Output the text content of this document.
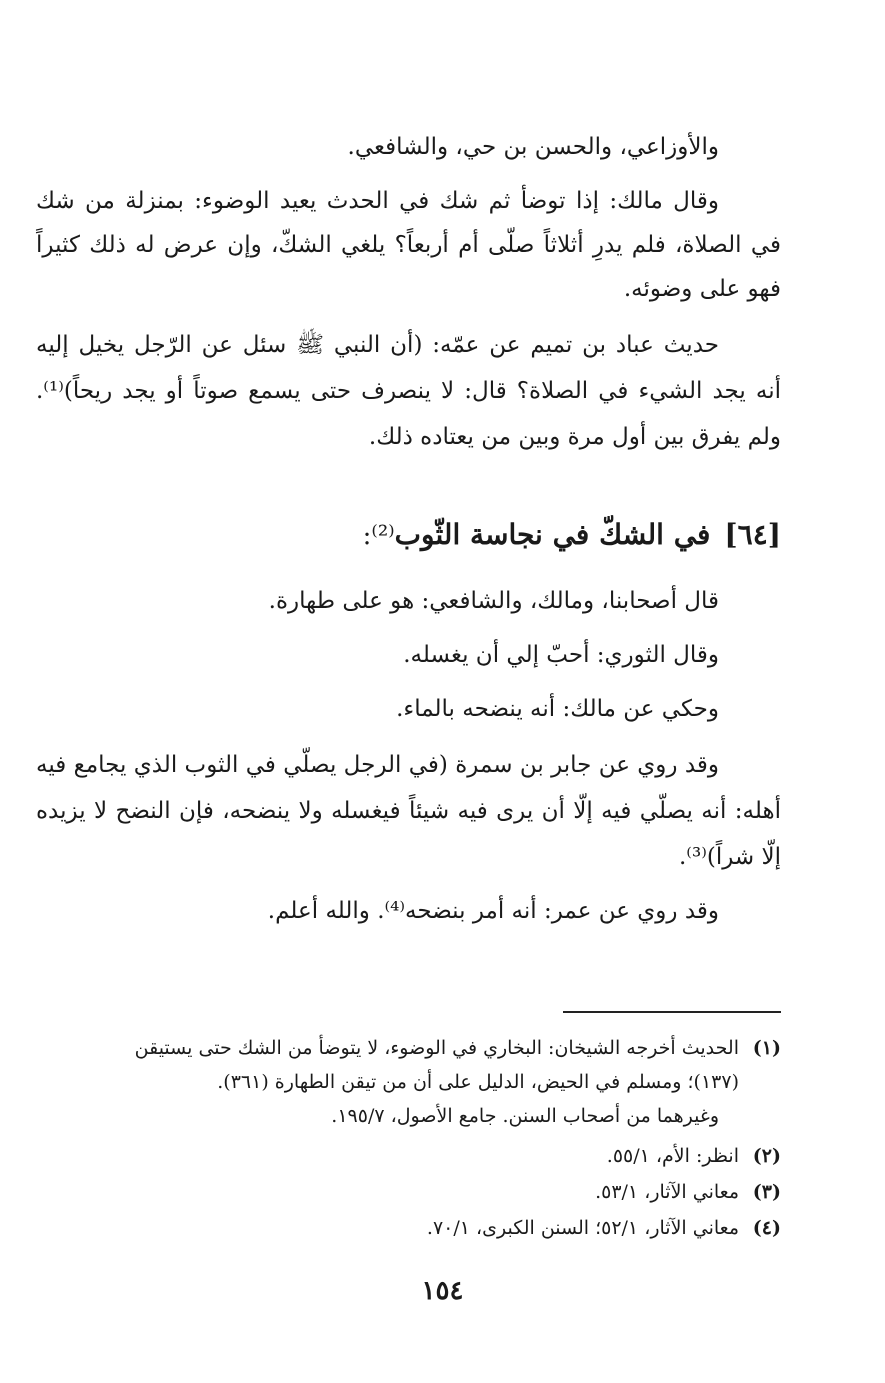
والأوزاعي، والحسن بن حي، والشافعي.
وقال مالك: إذا توضأ ثم شك في الحدث يعيد الوضوء: بمنزلة من شك
في الصلاة، فلم يدرِ أثلاثاً صلّى أم أربعاً؟ يلغي الشكّ، وإن عرض له ذلك كثيراً
فهو على وضوئه.
حديث عباد بن تميم عن عمّه: (أن النبي ﷺ سئل عن الرّجل يخيل إليه
أنه يجد الشيء في الصلاة؟ قال: لا ينصرف حتى يسمع صوتاً أو يجد ريحاً)⁽¹⁾.
ولم يفرق بين أول مرة وبين من يعتاده ذلك.
[٦٤]في الشكّ في نجاسة الثّوب⁽²⁾:
قال أصحابنا، ومالك، والشافعي: هو على طهارة.
وقال الثوري: أحبّ إلي أن يغسله.
وحكي عن مالك: أنه ينضحه بالماء.
وقد روي عن جابر بن سمرة (في الرجل يصلّي في الثوب الذي يجامع فيه
أهله: أنه يصلّي فيه إلّا أن يرى فيه شيئاً فيغسله ولا ينضحه، فإن النضح لا يزيده
إلّا شراً)⁽³⁾.
وقد روي عن عمر: أنه أمر بنضحه⁽⁴⁾. والله أعلم.
(١)الحديث أخرجه الشيخان: البخاري في الوضوء، لا يتوضأ من الشك حتى يستيقن
(١٣٧)؛ ومسلم في الحيض، الدليل على أن من تيقن الطهارة (٣٦١).
وغيرهما من أصحاب السنن. جامع الأصول، ١٩٥/٧.
(٢)انظر: الأم، ٥٥/١.
(٣)معاني الآثار، ٥٣/١.
(٤)معاني الآثار، ٥٢/١؛ السنن الكبرى، ٧٠/١.
١٥٤
